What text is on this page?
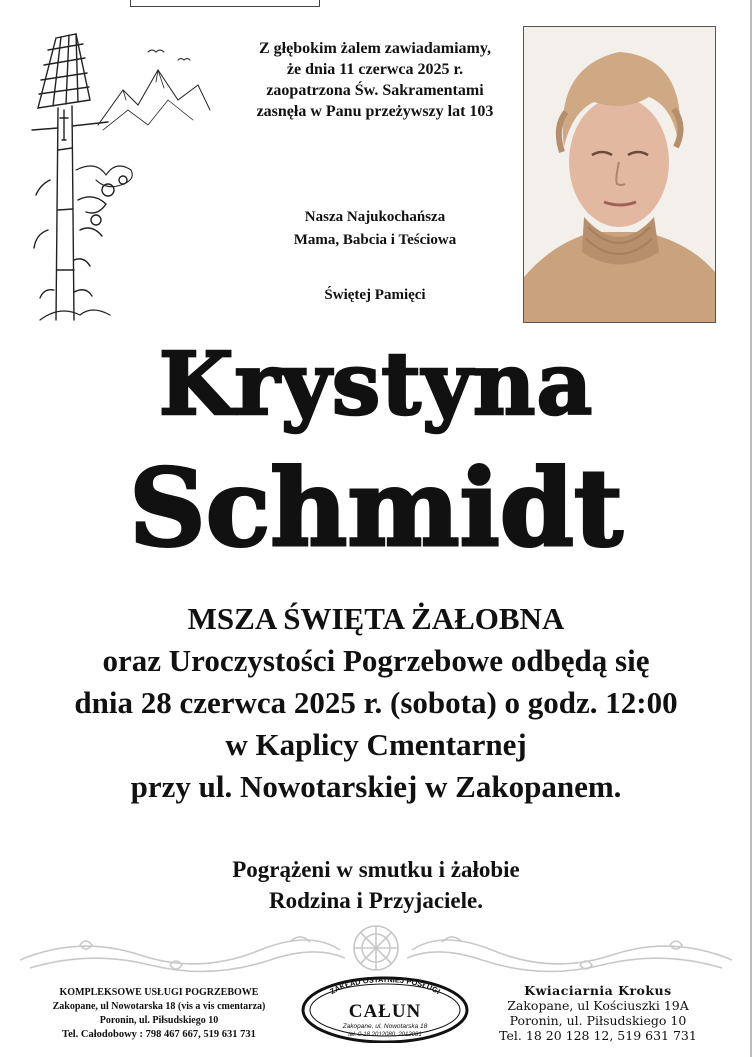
Z głębokim żalem zawiadamiamy,
że dnia 11 czerwca 2025 r.
zaopatrzona Św. Sakramentami
zasnęła w Panu przeżywszy lat 103
Nasza Najukochańsza
Mama, Babcia i Teściowa
Świętej Pamięci
Krystyna
Schmidt
MSZA ŚWIĘTA ŻAŁOBNA
oraz Uroczystości Pogrzebowe odbędą się
dnia 28 czerwca 2025 r. (sobota) o godz. 12:00
w Kaplicy Cmentarnej
przy ul. Nowotarskiej w Zakopanem.
Pogrążeni w smutku i żałobie
Rodzina i Przyjaciele.
KOMPLEKSOWE USŁUGI POGRZEBOWE
Zakopane, ul Nowotarska 18 (vis a vis cmentarza)
Poronin, ul. Piłsudskiego 10
Tel. Całodobowy : 798 467 667, 519 631 731
ZAKŁAD OSTATNIEJ POSŁUGI
CAŁUN
Zakopane, ul. Nowotarska 18
tel. 0-18 2012080, 2012081
Kwiaciarnia Krokus
Zakopane, ul Kościuszki 19A
Poronin, ul. Piłsudskiego 10
Tel. 18 20 128 12, 519 631 731
